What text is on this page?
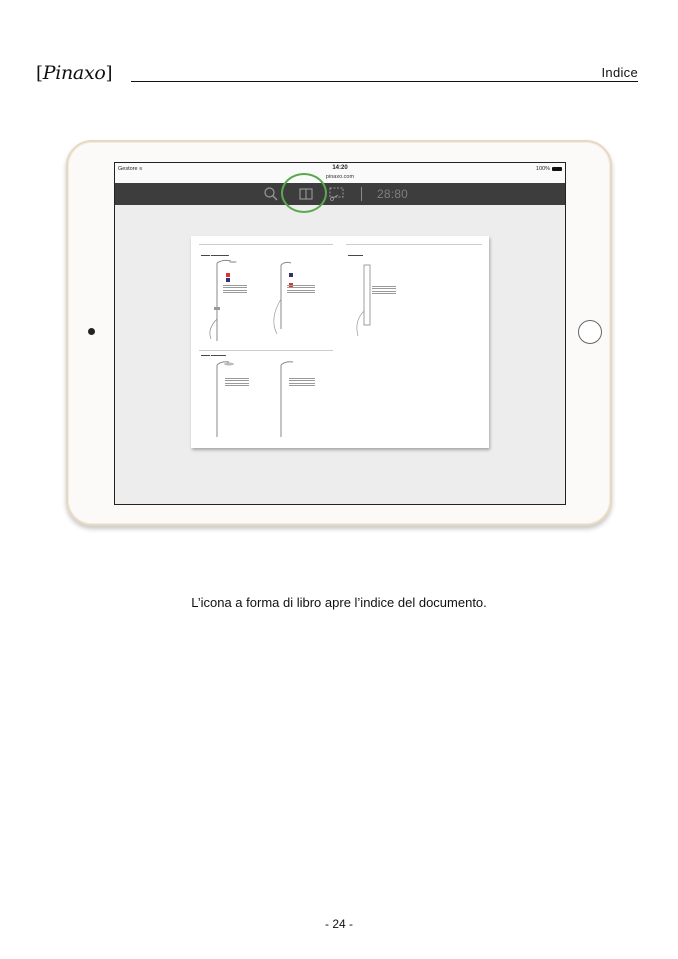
[Pinaxo]	Indice
Gestore ≡	14:20
pinaxo.com
100%
28:80
▬▬▬ ▬▬▬▬▬▬
▬▬▬ ▬▬▬▬▬
▬▬▬▬▬
L’icona a forma di libro apre l’indice del documento.
- 24 -
